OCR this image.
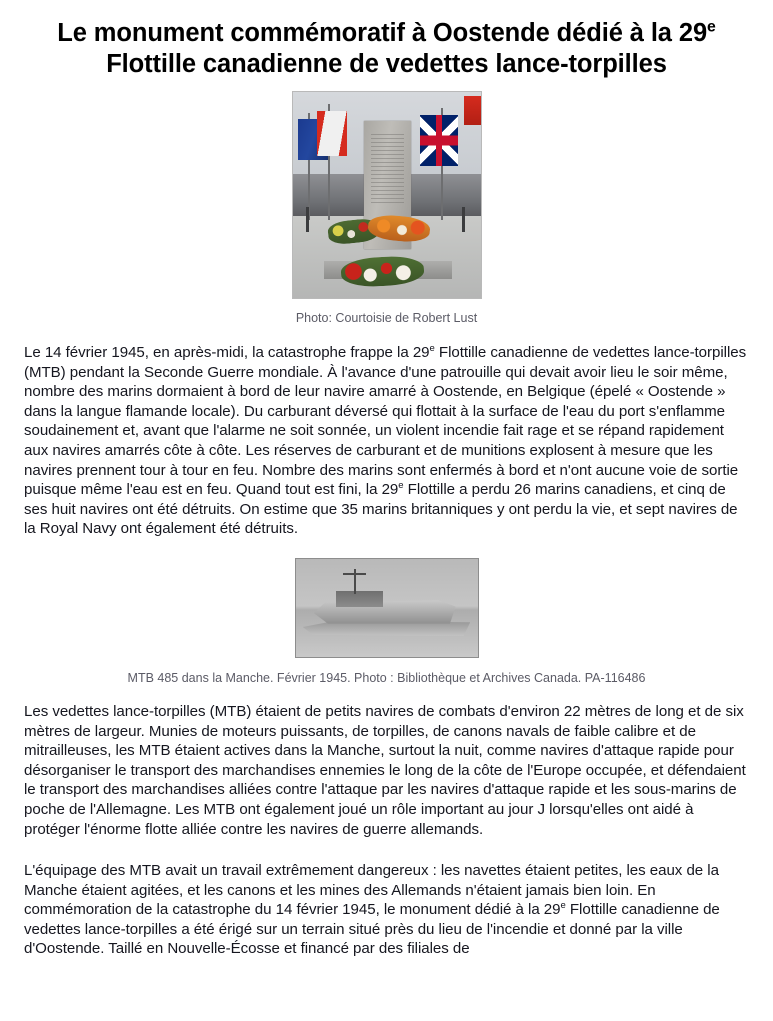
Le monument commémoratif à Oostende dédié à la 29e Flottille canadienne de vedettes lance-torpilles
Photo: Courtoisie de Robert Lust

Le 14 février 1945, en après-midi, la catastrophe frappe la 29e Flottille canadienne de vedettes lance-torpilles (MTB) pendant la Seconde Guerre mondiale. À l'avance d'une patrouille qui devait avoir lieu le soir même, nombre des marins dormaient à bord de leur navire amarré à Oostende, en Belgique (épelé « Oostende » dans la langue flamande locale). Du carburant déversé qui flottait à la surface de l'eau du port s'enflamme soudainement et, avant que l'alarme ne soit sonnée, un violent incendie fait rage et se répand rapidement aux navires amarrés côte à côte. Les réserves de carburant et de munitions explosent à mesure que les navires prennent tour à tour en feu. Nombre des marins sont enfermés à bord et n'ont aucune voie de sortie puisque même l'eau est en feu. Quand tout est fini, la 29e Flottille a perdu 26 marins canadiens, et cinq de ses huit navires ont été détruits. On estime que 35 marins britanniques y ont perdu la vie, et sept navires de la Royal Navy ont également été détruits.

MTB 485 dans la Manche. Février 1945. Photo : Bibliothèque et Archives Canada. PA-116486

Les vedettes lance-torpilles (MTB) étaient de petits navires de combats d'environ 22 mètres de long et de six mètres de largeur. Munies de moteurs puissants, de torpilles, de canons navals de faible calibre et de mitrailleuses, les MTB étaient actives dans la Manche, surtout la nuit, comme navires d'attaque rapide pour désorganiser le transport des marchandises ennemies le long de la côte de l'Europe occupée, et défendaient le transport des marchandises alliées contre l'attaque par les navires d'attaque rapide et les sous-marins de poche de l'Allemagne. Les MTB ont également joué un rôle important au jour J lorsqu'elles ont aidé à protéger l'énorme flotte alliée contre les navires de guerre allemands.

L'équipage des MTB avait un travail extrêmement dangereux : les navettes étaient petites, les eaux de la Manche étaient agitées, et les canons et les mines des Allemands n'étaient jamais bien loin. En commémoration de la catastrophe du 14 février 1945, le monument dédié à la 29e Flottille canadienne de vedettes lance-torpilles a été érigé sur un terrain situé près du lieu de l'incendie et donné par la ville d'Oostende. Taillé en Nouvelle-Écosse et financé par des filiales de
